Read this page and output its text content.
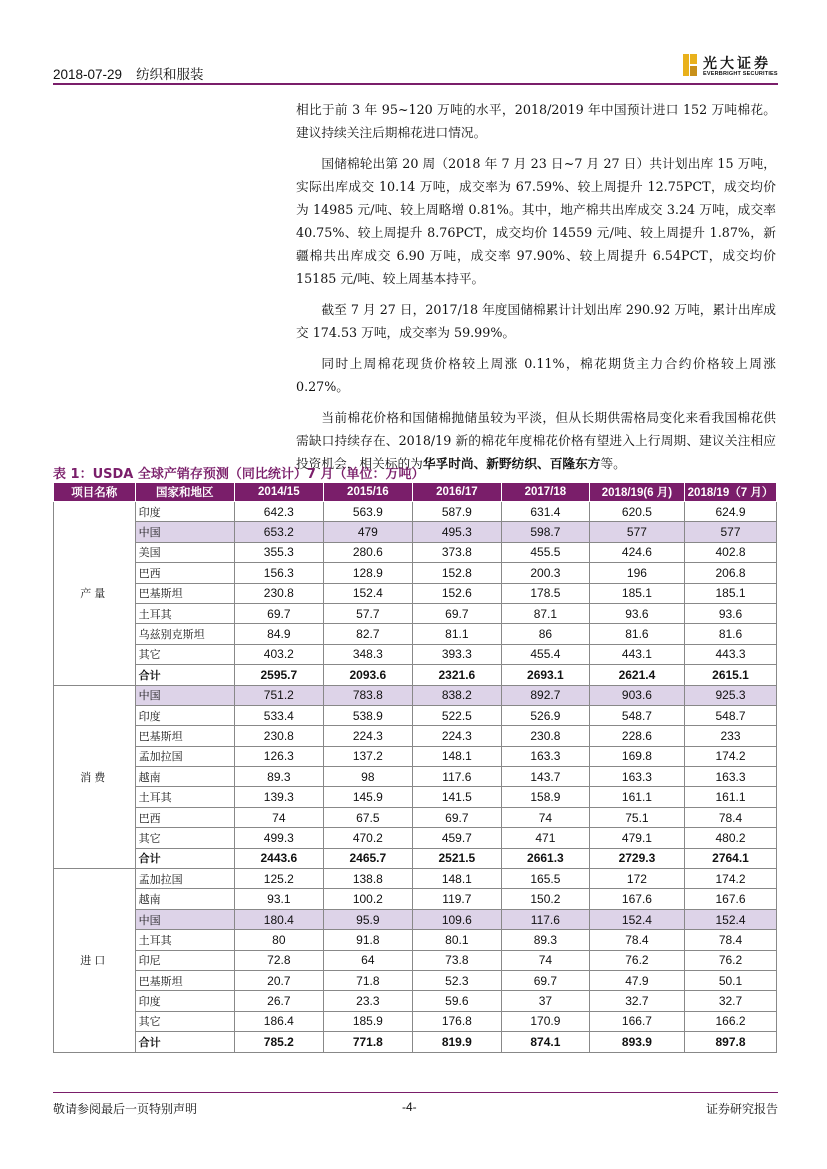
2018-07-29 纺织和服装
光大证券
EVERBRIGHT SECURITIES

相比于前 3 年 95~120 万吨的水平，2018/2019 年中国预计进口 152 万吨棉花。建议持续关注后期棉花进口情况。

国储棉轮出第 20 周（2018 年 7 月 23 日~7 月 27 日）共计划出库 15 万吨，实际出库成交 10.14 万吨，成交率为 67.59%、较上周提升 12.75PCT，成交均价为 14985 元/吨、较上周略增 0.81%。其中，地产棉共出库成交 3.24 万吨，成交率 40.75%、较上周提升 8.76PCT，成交均价 14559 元/吨、较上周提升 1.87%，新疆棉共出库成交 6.90 万吨，成交率 97.90%、较上周提升 6.54PCT，成交均价 15185 元/吨、较上周基本持平。

截至 7 月 27 日，2017/18 年度国储棉累计计划出库 290.92 万吨，累计出库成交 174.53 万吨，成交率为 59.99%。

同时上周棉花现货价格较上周涨 0.11%，棉花期货主力合约价格较上周涨 0.27%。

当前棉花价格和国储棉抛储虽较为平淡，但从长期供需格局变化来看我国棉花供需缺口持续存在、2018/19 新的棉花年度棉花价格有望进入上行周期、建议关注相应投资机会，相关标的为华孚时尚、新野纺织、百隆东方等。

表 1：USDA 全球产销存预测（同比统计）7 月（单位：万吨）
项目名称	国家和地区	2014/15	2015/16	2016/17	2017/18	2018/19(6 月)	2018/19（7 月）
产量	印度	642.3	563.9	587.9	631.4	620.5	624.9
	中国	653.2	479	495.3	598.7	577	577
	美国	355.3	280.6	373.8	455.5	424.6	402.8
	巴西	156.3	128.9	152.8	200.3	196	206.8
	巴基斯坦	230.8	152.4	152.6	178.5	185.1	185.1
	土耳其	69.7	57.7	69.7	87.1	93.6	93.6
	乌兹别克斯坦	84.9	82.7	81.1	86	81.6	81.6
	其它	403.2	348.3	393.3	455.4	443.1	443.3
	合计	2595.7	2093.6	2321.6	2693.1	2621.4	2615.1
消费	中国	751.2	783.8	838.2	892.7	903.6	925.3
	印度	533.4	538.9	522.5	526.9	548.7	548.7
	巴基斯坦	230.8	224.3	224.3	230.8	228.6	233
	孟加拉国	126.3	137.2	148.1	163.3	169.8	174.2
	越南	89.3	98	117.6	143.7	163.3	163.3
	土耳其	139.3	145.9	141.5	158.9	161.1	161.1
	巴西	74	67.5	69.7	74	75.1	78.4
	其它	499.3	470.2	459.7	471	479.1	480.2
	合计	2443.6	2465.7	2521.5	2661.3	2729.3	2764.1
进口	孟加拉国	125.2	138.8	148.1	165.5	172	174.2
	越南	93.1	100.2	119.7	150.2	167.6	167.6
	中国	180.4	95.9	109.6	117.6	152.4	152.4
	土耳其	80	91.8	80.1	89.3	78.4	78.4
	印尼	72.8	64	73.8	74	76.2	76.2
	巴基斯坦	20.7	71.8	52.3	69.7	47.9	50.1
	印度	26.7	23.3	59.6	37	32.7	32.7
	其它	186.4	185.9	176.8	170.9	166.7	166.2
	合计	785.2	771.8	819.9	874.1	893.9	897.8
敬请参阅最后一页特别声明	-4-	证券研究报告
